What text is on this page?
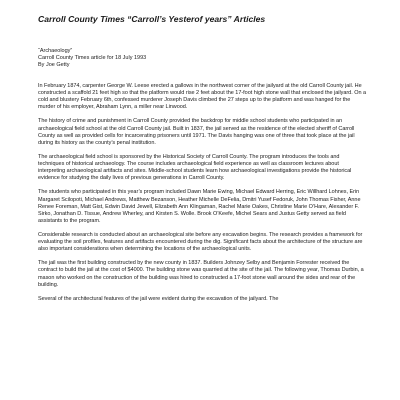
Carroll County Times “Carroll’s Yesterof years” Articles
“Archaeology”
Carroll County Times article for 18 July 1993
By Joe Getty

In February 1874, carpenter George W. Leese erected a gallows in the northwest corner of the jailyard at the old Carroll County jail. He constructed a scaffold 21 feet high so that the platform would rise 2 feet about the 17-foot high stone wall that enclosed the jailyard. On a cold and blustery February 6th, confessed murderer Joseph Davis climbed the 27 steps up to the platform and was hanged for the murder of his employer, Abraham Lynn, a miller near Linwood.

The history of crime and punishment in Carroll County provided the backdrop for middle school students who participated in an archaeological field school at the old Carroll County jail. Built in 1837, the jail served as the residence of the elected sheriff of Carroll County as well as provided cells for incarcerating prisoners until 1971. The Davis hanging was one of three that took place at the jail during its history as the county’s penal institution.

The archaeological field school is sponsored by the Historical Society of Carroll County. The program introduces the tools and techniques of historical archaeology. The course includes archaeological field experience as well as classroom lectures about interpreting archaeological artifacts and sites. Middle-school students learn how archaeological investigations provide the historical evidence for studying the daily lives of previous generations in Carroll County.

The students who participated in this year’s program included Dawn Marie Ewing, Michael Edward Herring, Eric Willhard Lohnes, Erin Margaret Scilopoti, Michael Andrews, Matthew Bezanson, Heather Michelle DeFelia, Dmitri Yusef Fedoruk, John Thomas Fisher, Anne Renee Foreman, Matt Gist, Edwin David Jewell, Elizabeth Ann Klingaman, Rachel Marie Oakes, Christine Marie O’Hare, Alexander F. Sirko, Jonathan D. Tissue, Andrew Wherley, and Kirsten S. Wolle. Brook O’Keefe, Michel Sears and Justus Getty served as field assistants to the program.

Considerable research is conducted about an archaeological site before any excavation begins. The research provides a framework for evaluating the soil profiles, features and artifacts encountered during the dig. Significant facts about the architecture of the structure are also important considerations when determining the locations of the archaeological units.

The jail was the first building constructed by the new county in 1837. Builders Johnzey Selby and Benjamin Forrester received the contract to build the jail at the cost of $4000. The building stone was quarried at the site of the jail. The following year, Thomas Durbin, a mason who worked on the construction of the building was hired to constructed a 17-foot stone wall around the sides and rear of the building.

Several of the architectural features of the jail were evident during the excavation of the jailyard. The
